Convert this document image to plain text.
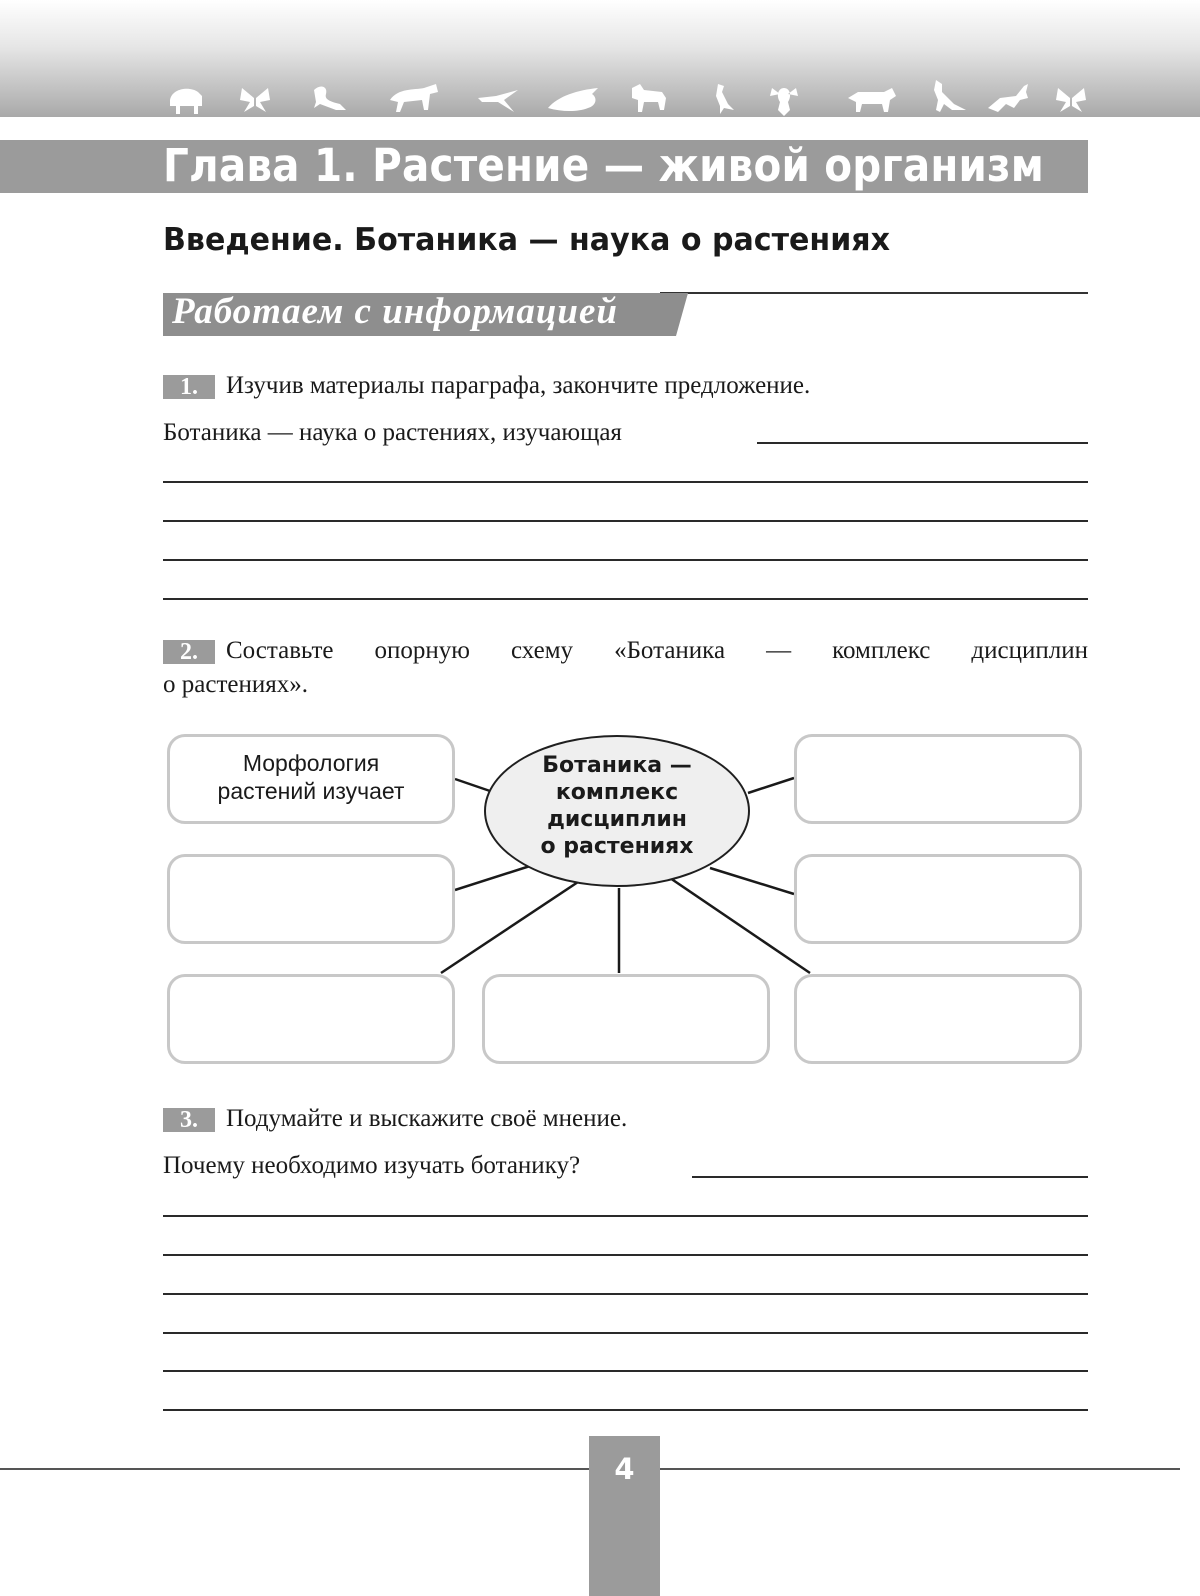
Глава 1. Растение — живой организм
Введение. Ботаника — наука о растениях
Работаем с информацией
1.	Изучив материалы параграфа, закончите предложение.
Ботаника — наука о растениях, изучающая
2.	Составьте опорную схему «Ботаника — комплекс дисциплин
о растениях».
Морфология
растений изучает
Ботаника —
комплекс
дисциплин
о растениях
3.	Подумайте и выскажите своё мнение.
Почему необходимо изучать ботанику?
4
